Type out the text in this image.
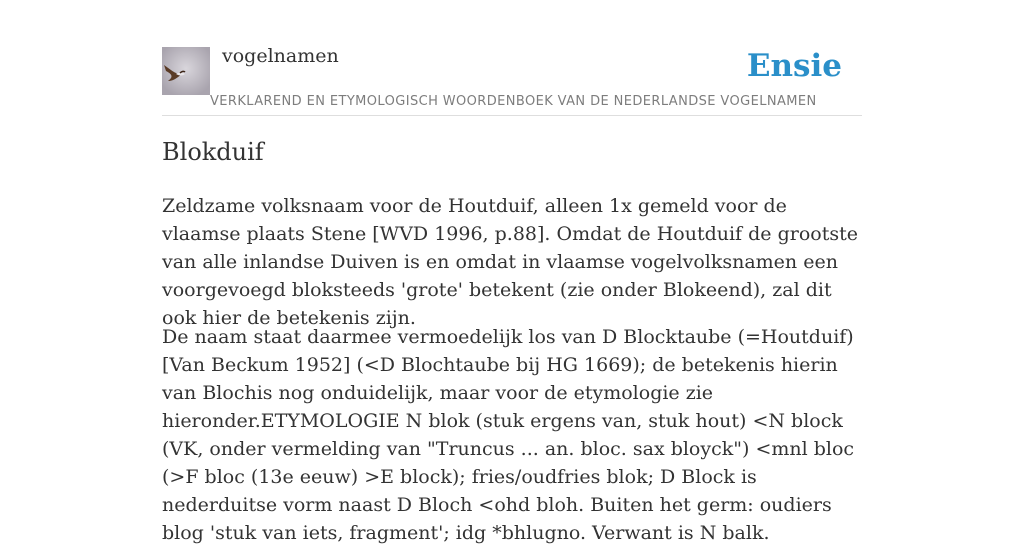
vogelnamen	Ensie
VERKLAREND EN ETYMOLOGISCH WOORDENBOEK VAN DE NEDERLANDSE VOGELNAMEN
Blokduif

Zeldzame volksnaam voor de Houtduif, alleen 1x gemeld voor de vlaamse plaats Stene [WVD 1996, p.88]. Omdat de Houtduif de grootste van alle inlandse Duiven is en omdat in vlaamse vogelvolksnamen een voorgevoegd bloksteeds 'grote' betekent (zie onder Blokeend), zal dit ook hier de betekenis zijn.

De naam staat daarmee vermoedelijk los van D Blocktaube (=Houtduif) [Van Beckum 1952] (<D Blochtaube bij HG 1669); de betekenis hierin van Blochis nog onduidelijk, maar voor de etymologie zie hieronder.ETYMOLOGIE N blok (stuk ergens van, stuk hout) <N block (VK, onder vermelding van "Truncus ... an. bloc. sax bloyck") <mnl bloc (>F bloc (13e eeuw) >E block); fries/oudfries blok; D Block is nederduitse vorm naast D Bloch <ohd bloh. Buiten het germ: oudiers blog 'stuk van iets, fragment'; idg *bhlugno. Verwant is N balk.
